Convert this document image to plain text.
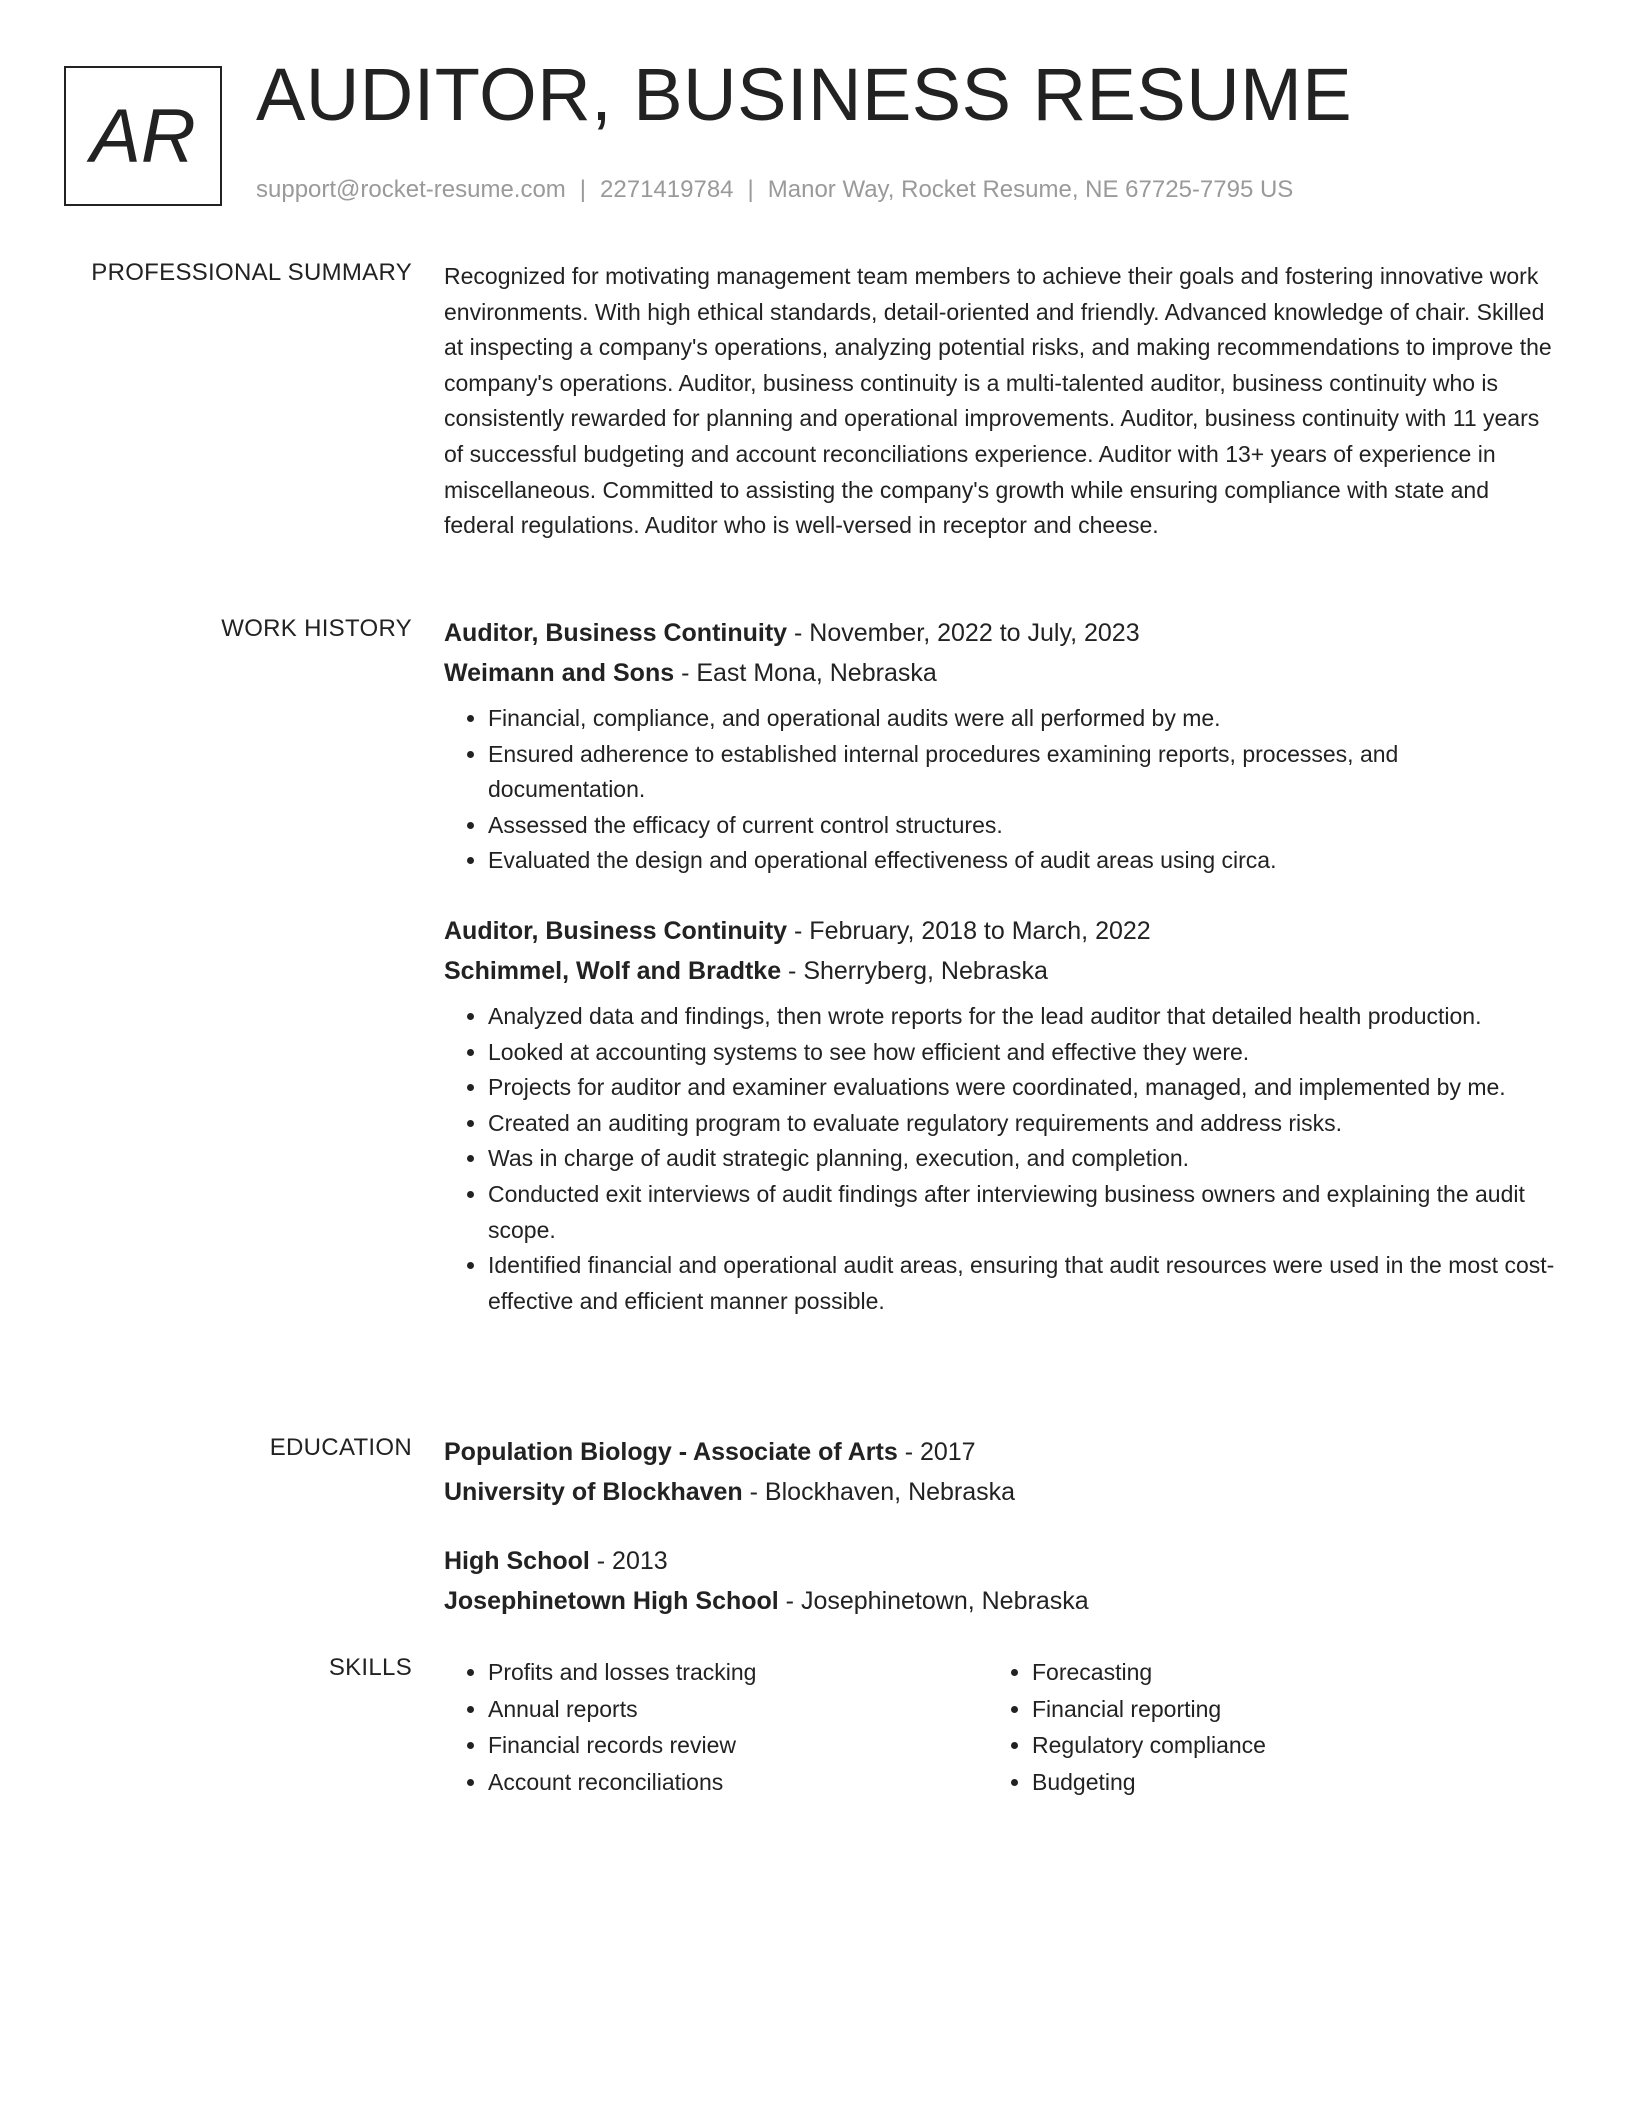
AR AUDITOR, BUSINESS RESUME
support@rocket-resume.com | 2271419784 | Manor Way, Rocket Resume, NE 67725-7795 US
PROFESSIONAL SUMMARY Recognized for motivating management team members to achieve their goals and fostering innovative work environments. With high ethical standards, detail-oriented and friendly. Advanced knowledge of chair. Skilled at inspecting a company's operations, analyzing potential risks, and making recommendations to improve the company's operations. Auditor, business continuity is a multi-talented auditor, business continuity who is consistently rewarded for planning and operational improvements. Auditor, business continuity with 11 years of successful budgeting and account reconciliations experience. Auditor with 13+ years of experience in miscellaneous. Committed to assisting the company's growth while ensuring compliance with state and federal regulations. Auditor who is well-versed in receptor and cheese.

WORK HISTORY Auditor, Business Continuity - November, 2022 to July, 2023
Weimann and Sons - East Mona, Nebraska
• Financial, compliance, and operational audits were all performed by me.
• Ensured adherence to established internal procedures examining reports, processes, and documentation.
• Assessed the efficacy of current control structures.
• Evaluated the design and operational effectiveness of audit areas using circa.
Auditor, Business Continuity - February, 2018 to March, 2022
Schimmel, Wolf and Bradtke - Sherryberg, Nebraska
• Analyzed data and findings, then wrote reports for the lead auditor that detailed health production.
• Looked at accounting systems to see how efficient and effective they were.
• Projects for auditor and examiner evaluations were coordinated, managed, and implemented by me.
• Created an auditing program to evaluate regulatory requirements and address risks.
• Was in charge of audit strategic planning, execution, and completion.
• Conducted exit interviews of audit findings after interviewing business owners and explaining the audit scope.
• Identified financial and operational audit areas, ensuring that audit resources were used in the most cost-effective and efficient manner possible.
EDUCATION Population Biology - Associate of Arts - 2017
University of Blockhaven - Blockhaven, Nebraska
High School - 2013
Josephinetown High School - Josephinetown, Nebraska
SKILLS
•	Profits and losses tracking
• Annual reports
• Financial records review
• Account reconciliations
• Forecasting
• Financial reporting
• Regulatory compliance
• Budgeting
